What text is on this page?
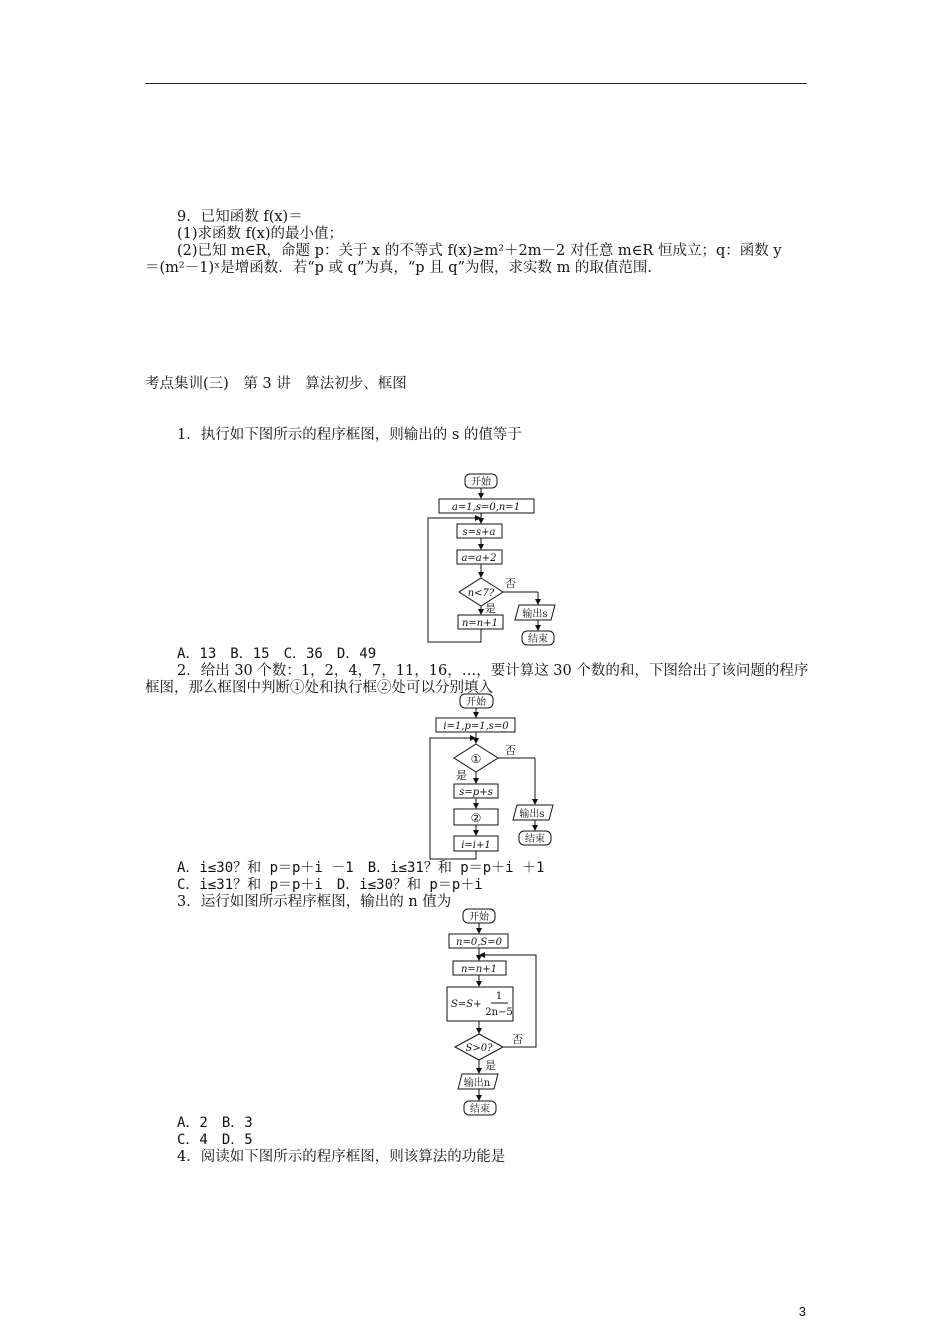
9．已知函数 f(x)＝
(1)求函数 f(x)的最小值；
(2)已知 m∈R，命题 p：关于 x 的不等式 f(x)≥m²＋2m－2 对任意 m∈R 恒成立；q：函数 y
＝(m²－1)ˣ是增函数．若“p 或 q”为真，“p 且 q”为假，求实数 m 的取值范围.
考点集训(三)　第 3 讲　算法初步、框图
1．执行如下图所示的程序框图，则输出的 s 的值等于
开始
a=1,s=0,n=1
s=s+a
a=a+2
n<7?
否
是	输出s
n=n+1
结束
A．13　B．15　C．36　D．49
2．给出 30 个数：1，2，4，7，11，16，…，要计算这 30 个数的和，下图给出了该问题的程序
框图，那么框图中判断①处和执行框②处可以分别填入
开始
i=1,p=1,s=0
①
否
是
s=p+s
②
i=i+1
输出s
结束
A．i≤30？和 p＝p＋i －1　B．i≤31？和 p＝p＋i ＋1
C．i≤31？和 p＝p＋i　D．i≤30？和 p＝p＋i
3．运行如图所示程序框图，输出的 n 值为
开始
n=0,S=0
n=n+1
S=S+
1
2n−5
S>0?
否
是
输出n
结束
A．2　B．3
C．4　D．5
4．阅读如下图所示的程序框图，则该算法的功能是
3
